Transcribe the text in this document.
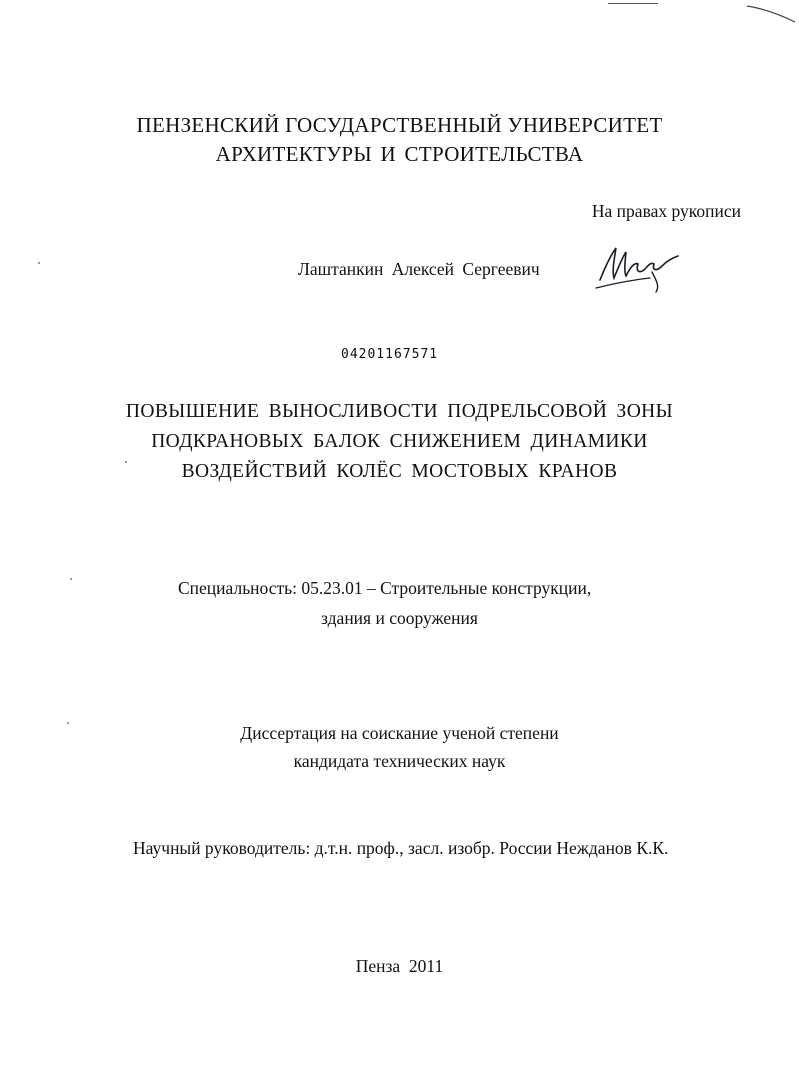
ПЕНЗЕНСКИЙ ГОСУДАРСТВЕННЫЙ УНИВЕРСИТЕТ
АРХИТЕКТУРЫ И СТРОИТЕЛЬСТВА
На правах рукописи
Лаштанкин Алексей Сергеевич
04201167571
ПОВЫШЕНИЕ ВЫНОСЛИВОСТИ ПОДРЕЛЬСОВОЙ ЗОНЫ
ПОДКРАНОВЫХ БАЛОК СНИЖЕНИЕМ ДИНАМИКИ
ВОЗДЕЙСТВИЙ КОЛЁС МОСТОВЫХ КРАНОВ
Специальность: 05.23.01 – Строительные конструкции,
здания и сооружения
Диссертация на соискание ученой степени
кандидата технических наук
Научный руководитель: д.т.н. проф., засл. изобр. России Нежданов К.К.
Пенза  2011
